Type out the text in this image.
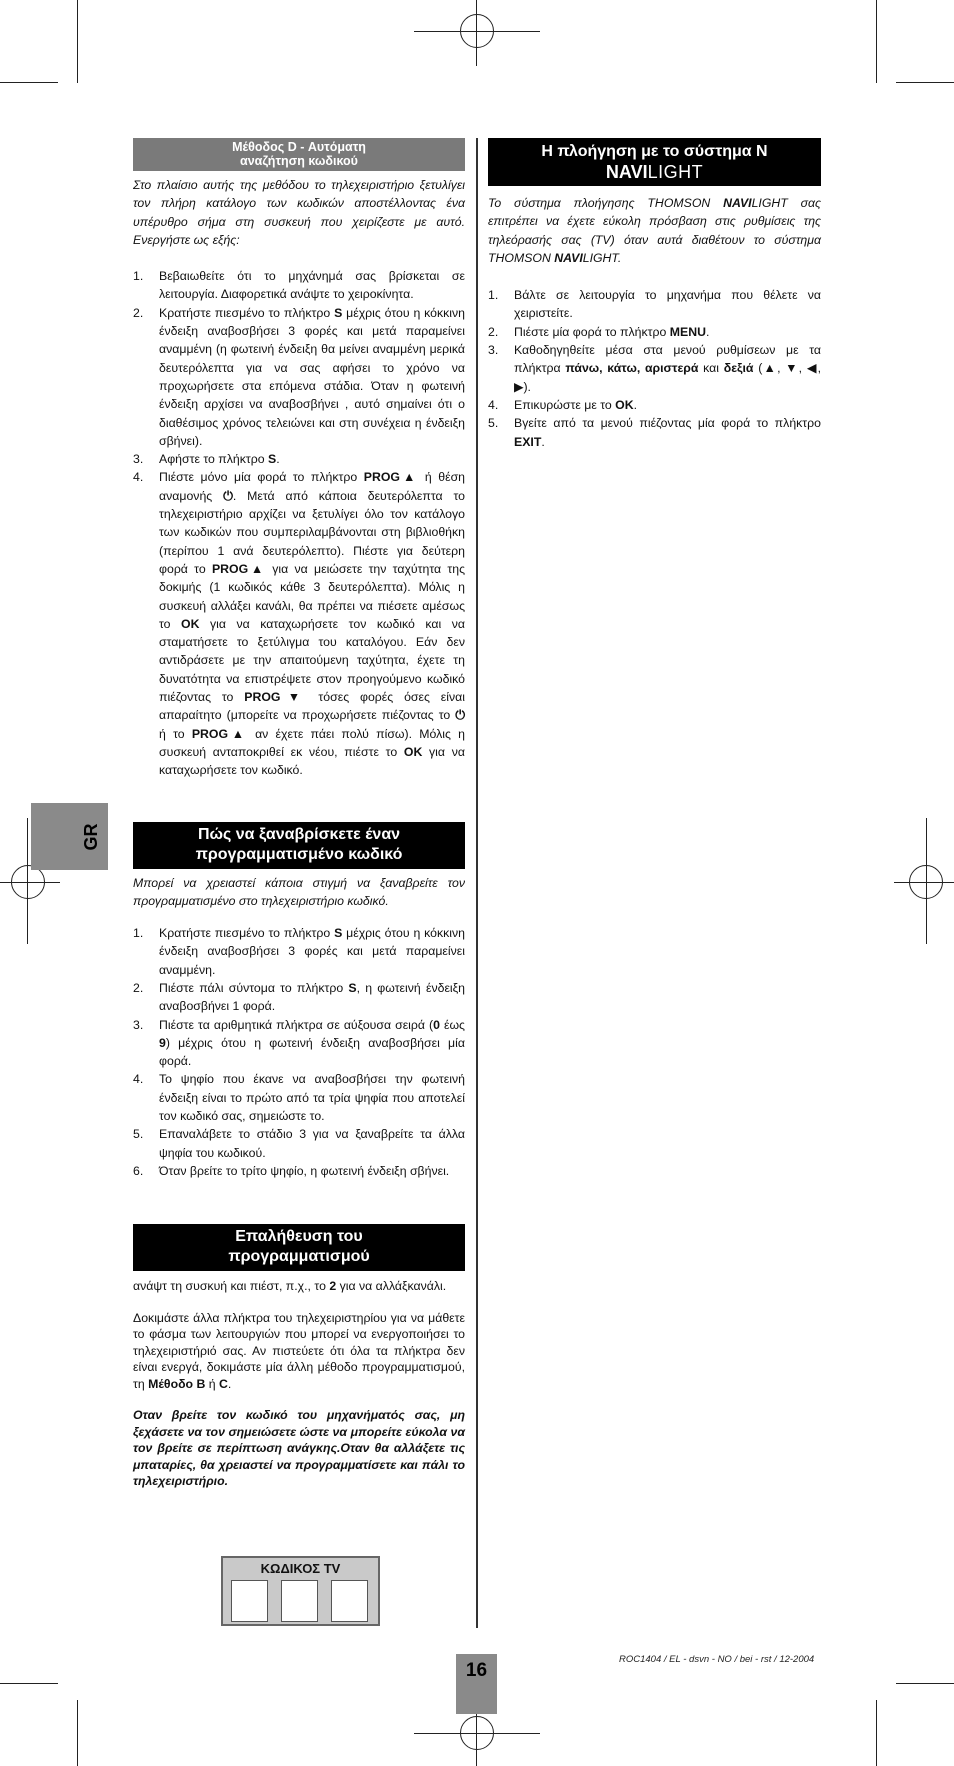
GR
Μέθοδος D - Αυτόματη
αναζήτηση κωδικού

Στο πλαίσιο αυτής της μεθόδου το τηλεχειριστήριο ξετυλίγει τον πλήρη κατάλογο των κωδικών αποστέλλοντας ένα υπέρυθρο σήμα στη συσκευή που χειρίζεστε με αυτό. Ενεργήστε ως εξής:

1. Βεβαιωθείτε ότι το μηχάνημά σας βρίσκεται σε λειτουργία. Διαφορετικά ανάψτε το χειροκίνητα.
2. Κρατήστε πιεσμένο το πλήκτρο S μέχρις ότου η κόκκινη ένδειξη αναβοσβήσει 3 φορές και μετά παραμείνει αναμμένη (η φωτεινή ένδειξη θα μείνει αναμμένη μερικά δευτερόλεπτα για να σας αφήσει το χρόνο να προχωρήσετε στα επόμενα στάδια. Όταν η φωτεινή ένδειξη αρχίσει να αναβοσβήνει , αυτό σημαίνει ότι ο διαθέσιμος χρόνος τελειώνει και στη συνέχεια η ένδειξη σβήνει).
3. Αφήστε το πλήκτρο S.
4. Πιέστε μόνο μία φορά το πλήκτρο PROG▲ ή θέση αναμονής ⏻. Μετά από κάποια δευτερόλεπτα το τηλεχειριστήριο αρχίζει να ξετυλίγει όλο τον κατάλογο των κωδικών που συμπεριλαμβάνονται στη βιβλιοθήκη (περίπου 1 ανά δευτερόλεπτο). Πιέστε για δεύτερη φορά το PROG▲ για να μειώσετε την ταχύτητα της δοκιμής (1 κωδικός κάθε 3 δευτερόλεπτα). Μόλις η συσκευή αλλάξει κανάλι, θα πρέπει να πιέσετε αμέσως το OK για να καταχωρήσετε τον κωδικό και να σταματήσετε το ξετύλιγμα του καταλόγου. Εάν δεν αντιδράσετε με την απαιτούμενη ταχύτητα, έχετε τη δυνατότητα να επιστρέψετε στον προηγούμενο κωδικό πιέζοντας το PROG▼ τόσες φορές όσες είναι απαραίτητο (μπορείτε να προχωρήσετε πιέζοντας το ⏻ ή το PROG▲ αν έχετε πάει πολύ πίσω). Μόλις η συσκευή ανταποκριθεί εκ νέου, πιέστε το OK για να καταχωρήσετε τον κωδικό.
Πώς να ξαναβρίσκετε έναν
προγραμματισμένο κωδικό

Μπορεί να χρειαστεί κάποια στιγμή να ξαναβρείτε τον προγραμματισμένο στο τηλεχειριστήριο κωδικό.

1. Κρατήστε πιεσμένο το πλήκτρο S μέχρις ότου η κόκκινη ένδειξη αναβοσβήσει 3 φορές και μετά παραμείνει αναμμένη.
2. Πιέστε πάλι σύντομα το πλήκτρο S, η φωτεινή ένδειξη αναβοσβήνει 1 φορά.
3. Πιέστε τα αριθμητικά πλήκτρα σε αύξουσα σειρά (0 έως 9) μέχρις ότου η φωτεινή ένδειξη αναβοσβήσει μία φορά.
4. Το ψηφίο που έκανε να αναβοσβήσει την φωτεινή ένδειξη είναι το πρώτο από τα τρία ψηφία που αποτελεί τον κωδικό σας, σημειώστε το.
5. Επαναλάβετε το στάδιο 3 για να ξαναβρείτε τα άλλα ψηφία του κωδικού.
6. Όταν βρείτε το τρίτο ψηφίο, η φωτεινή ένδειξη σβήνει.
Επαλήθευση του
προγραμματισμού

ανάψτ τη συσκυή και πιέστ, π.χ., το 2 για να αλλάξκανάλι.

Δοκιμάστε άλλα πλήκτρα του τηλεχειριστηρίου για να μάθετε το φάσμα των λειτουργιών που μπορεί να ενεργοποιήσει το τηλεχειριστήριό σας. Αν πιστεύετε ότι όλα τα πλήκτρα δεν είναι ενεργά, δοκιμάστε μία άλλη μέθοδο προγραμματισμού, τη Μέθοδο B ή C.

Οταν βρείτε τον κωδικό του μηχανήματός σας, μη ξεχάσετε να τον σημειώσετε ώστε να μπορείτε εύκολα να τον βρείτε σε περίπτωση ανάγκης.Οταν θα αλλάξετε τις μπαταρίες, θα χρειαστεί να προγραμματίσετε και πάλι το τηλεχειριστήριο.

ΚΩΔΙΚΟΣ TV
Η πλοήγηση με το σύστημα N
NAVILIGHT

Το σύστημα πλοήγησης THOMSON NAVILIGHT σας επιτρέπει να έχετε εύκολη πρόσβαση στις ρυθμίσεις της τηλεόρασής σας (TV) όταν αυτά διαθέτουν το σύστημα THOMSON NAVILIGHT.

1. Βάλτε σε λειτουργία το μηχανήμα που θέλετε να χειριστείτε.
2. Πιέστε μία φορά το πλήκτρο MENU.
3. Καθοδηγηθείτε μέσα στα μενού ρυθμίσεων με τα πλήκτρα πάνω, κάτω, αριστερά και δεξιά (▲, ▼, ◀, ▶).
4. Επικυρώστε με το OK.
5. Βγείτε από τα μενού πιέζοντας μία φορά το πλήκτρο EXIT.
ROC1404 / EL - dsvn - NO / bei - rst / 12-2004
16
